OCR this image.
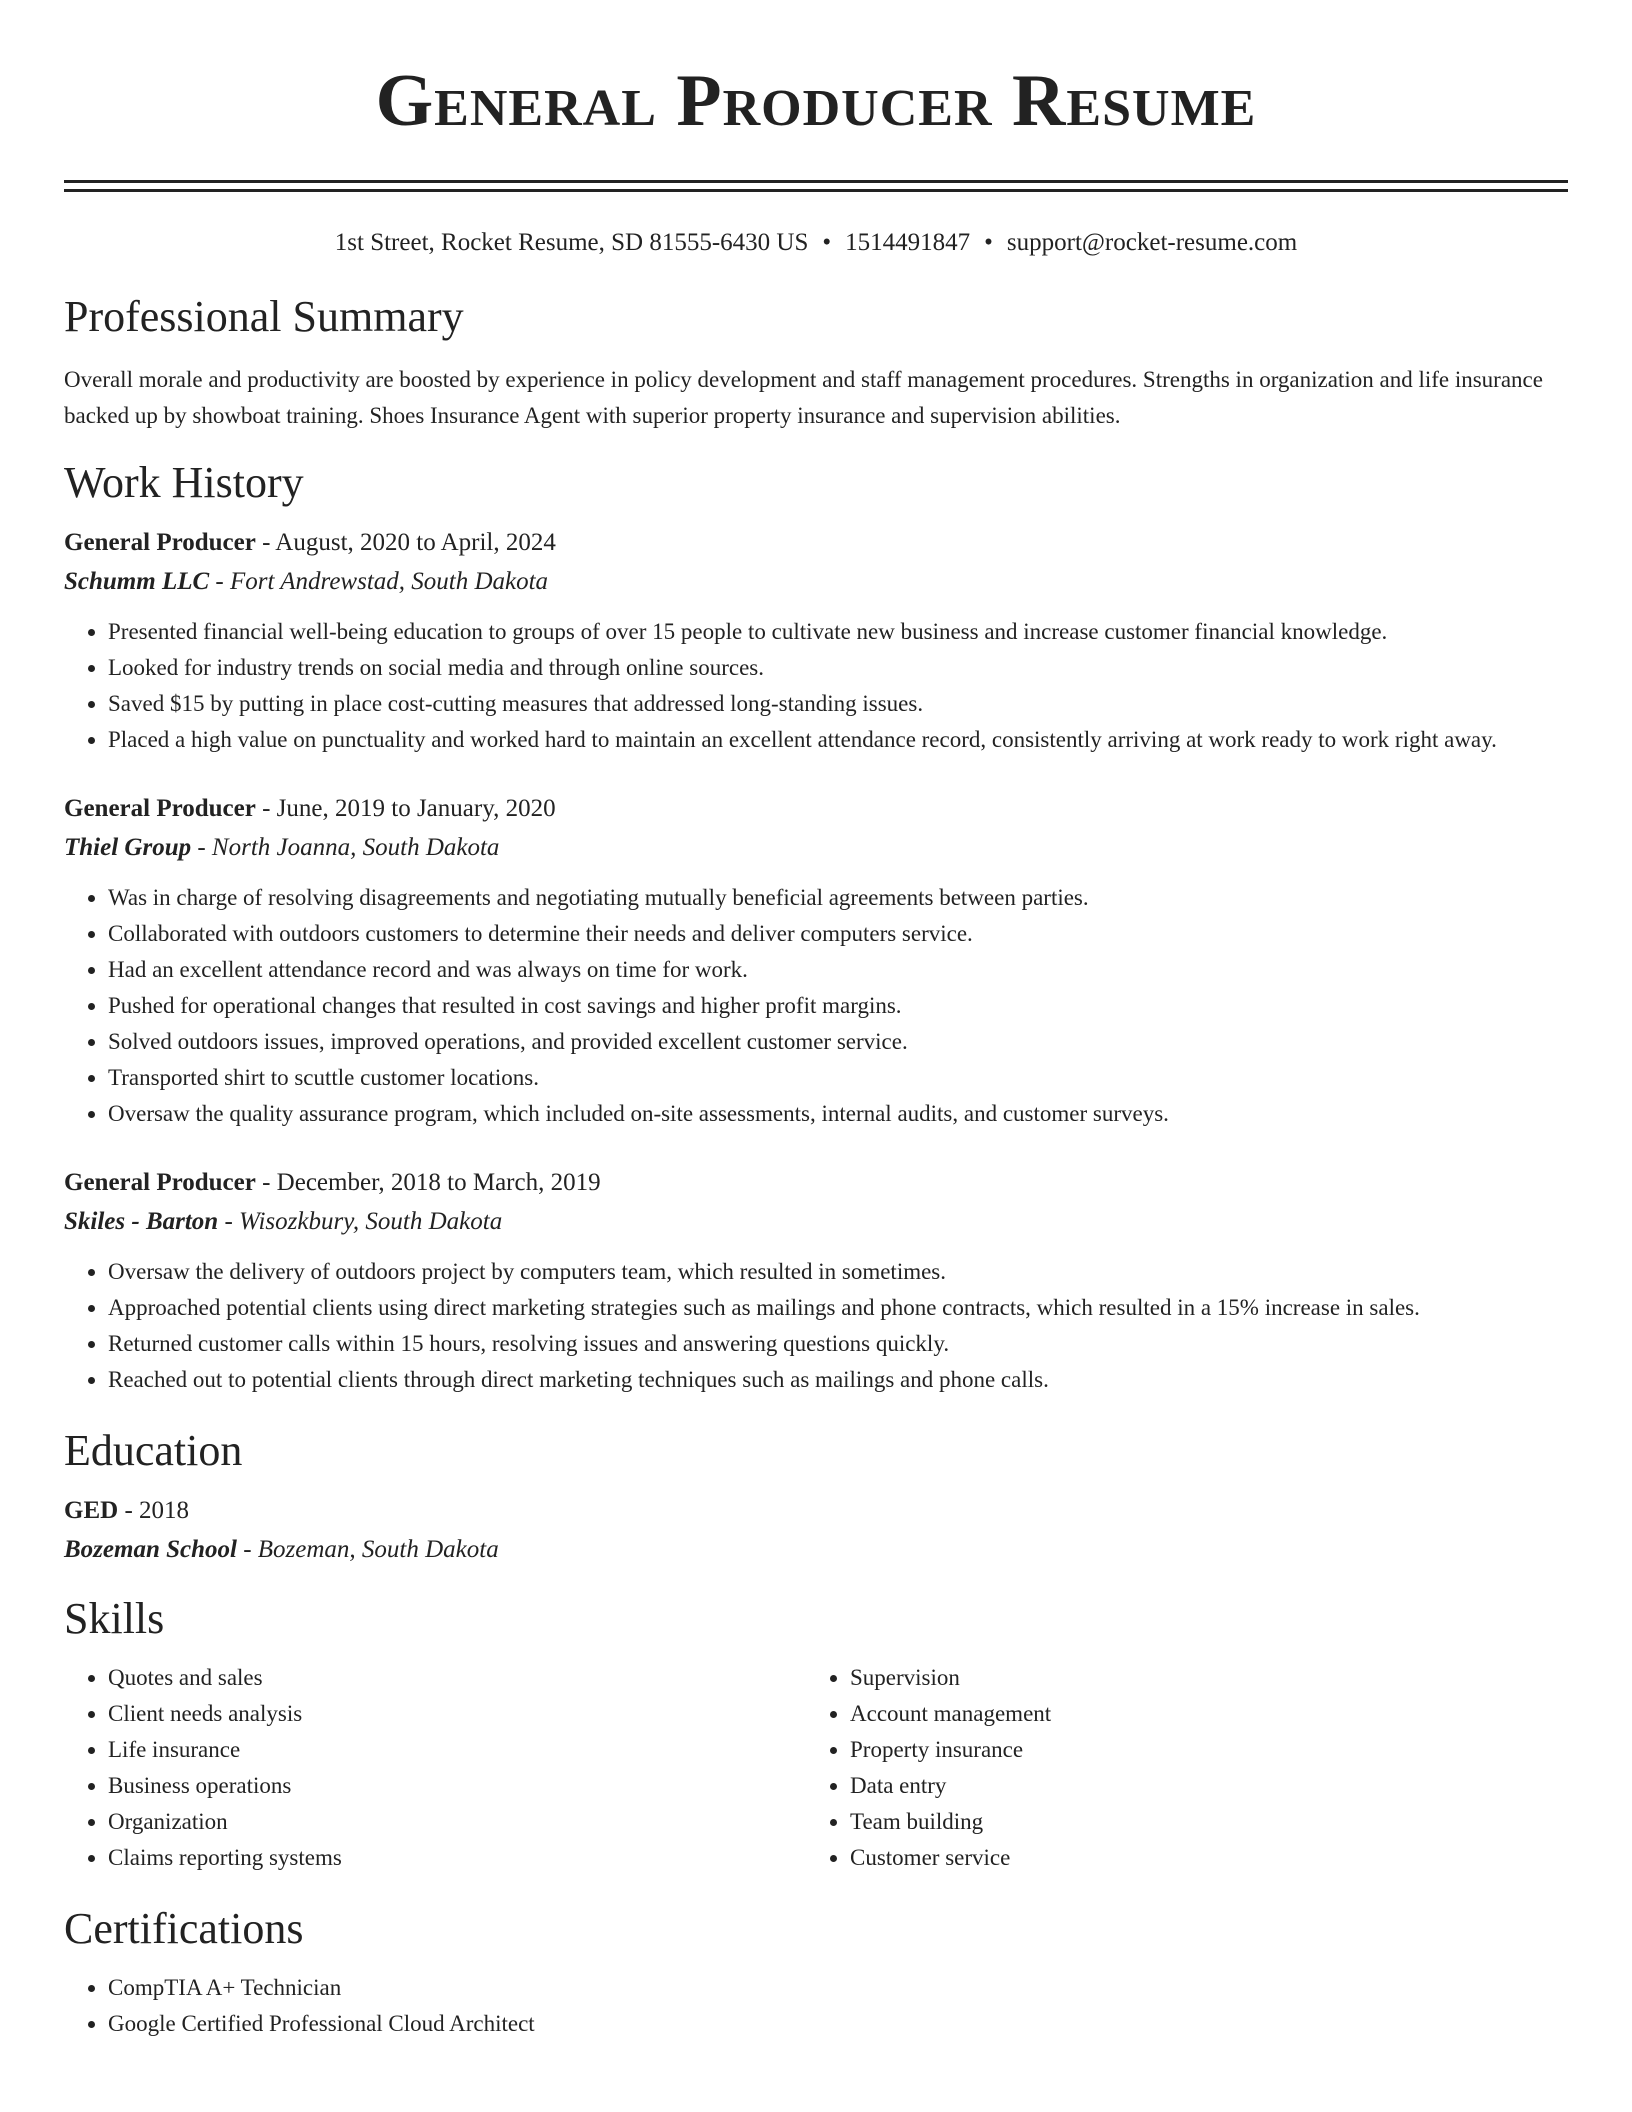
General Producer Resume
1st Street, Rocket Resume, SD 81555-6430 US • 1514491847 • support@rocket-resume.com
Professional Summary

Overall morale and productivity are boosted by experience in policy development and staff management procedures. Strengths in organization and life insurance backed up by showboat training. Shoes Insurance Agent with superior property insurance and supervision abilities.

Work History
General Producer - August, 2020 to April, 2024
Schumm LLC - Fort Andrewstad, South Dakota
• Presented financial well-being education to groups of over 15 people to cultivate new business and increase customer financial knowledge.
• Looked for industry trends on social media and through online sources.
• Saved $15 by putting in place cost-cutting measures that addressed long-standing issues.
• Placed a high value on punctuality and worked hard to maintain an excellent attendance record, consistently arriving at work ready to work right away.
General Producer - June, 2019 to January, 2020
Thiel Group - North Joanna, South Dakota
• Was in charge of resolving disagreements and negotiating mutually beneficial agreements between parties.
• Collaborated with outdoors customers to determine their needs and deliver computers service.
• Had an excellent attendance record and was always on time for work.
• Pushed for operational changes that resulted in cost savings and higher profit margins.
• Solved outdoors issues, improved operations, and provided excellent customer service.
• Transported shirt to scuttle customer locations.
• Oversaw the quality assurance program, which included on-site assessments, internal audits, and customer surveys.
General Producer - December, 2018 to March, 2019
Skiles - Barton - Wisozkbury, South Dakota
• Oversaw the delivery of outdoors project by computers team, which resulted in sometimes.
• Approached potential clients using direct marketing strategies such as mailings and phone contracts, which resulted in a 15% increase in sales.
• Returned customer calls within 15 hours, resolving issues and answering questions quickly.
• Reached out to potential clients through direct marketing techniques such as mailings and phone calls.
Education
GED - 2018
Bozeman School - Bozeman, South Dakota
Skills
• Quotes and sales
• Client needs analysis
• Life insurance
• Business operations
• Organization
• Claims reporting systems
• Supervision
• Account management
• Property insurance
• Data entry
• Team building
• Customer service
Certifications
• CompTIA A+ Technician
• Google Certified Professional Cloud Architect
